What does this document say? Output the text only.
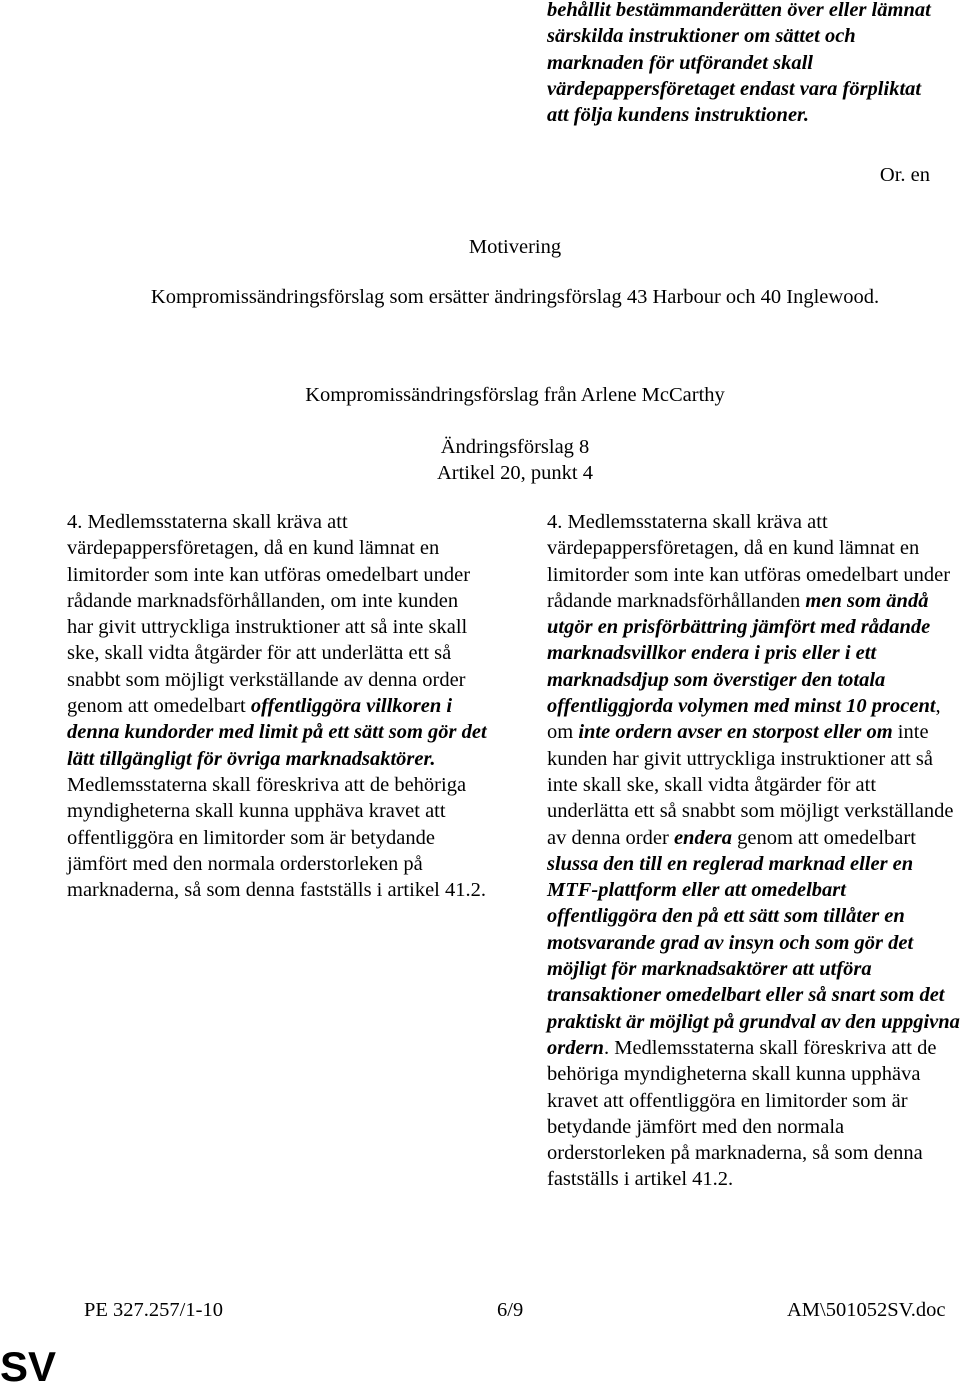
behållit bestämmanderätten över eller lämnat särskilda instruktioner om sättet och marknaden för utförandet skall värdepappersföretaget endast vara förpliktat att följa kundens instruktioner.
Or. en
Motivering
Kompromissändringsförslag som ersätter ändringsförslag 43 Harbour och 40 Inglewood.
Kompromissändringsförslag från Arlene McCarthy
Ändringsförslag 8
Artikel 20, punkt 4
4. Medlemsstaterna skall kräva att värdepappersföretagen, då en kund lämnat en limitorder som inte kan utföras omedelbart under rådande marknadsförhållanden, om inte kunden har givit uttryckliga instruktioner att så inte skall ske, skall vidta åtgärder för att underlätta ett så snabbt som möjligt verkställande av denna order genom att omedelbart offentliggöra villkoren i denna kundorder med limit på ett sätt som gör det lätt tillgängligt för övriga marknadsaktörer. Medlemsstaterna skall föreskriva att de behöriga myndigheterna skall kunna upphäva kravet att offentliggöra en limitorder som är betydande jämfört med den normala orderstorleken på marknaderna, så som denna fastställs i artikel 41.2.
4. Medlemsstaterna skall kräva att värdepappersföretagen, då en kund lämnat en limitorder som inte kan utföras omedelbart under rådande marknadsförhållanden men som ändå utgör en prisförbättring jämfört med rådande marknadsvillkor endera i pris eller i ett marknadsdjup som överstiger den totala offentliggjorda volymen med minst 10 procent, om inte ordern avser en storpost eller om inte kunden har givit uttryckliga instruktioner att så inte skall ske, skall vidta åtgärder för att underlätta ett så snabbt som möjligt verkställande av denna order endera genom att omedelbart slussa den till en reglerad marknad eller en MTF-plattform eller att omedelbart offentliggöra den på ett sätt som tillåter en motsvarande grad av insyn och som gör det möjligt för marknadsaktörer att utföra transaktioner omedelbart eller så snart som det praktiskt är möjligt på grundval av den uppgivna ordern. Medlemsstaterna skall föreskriva att de behöriga myndigheterna skall kunna upphäva kravet att offentliggöra en limitorder som är betydande jämfört med den normala orderstorleken på marknaderna, så som denna fastställs i artikel 41.2.
PE 327.257/1-10	6/9	AM\501052SV.doc
SV
